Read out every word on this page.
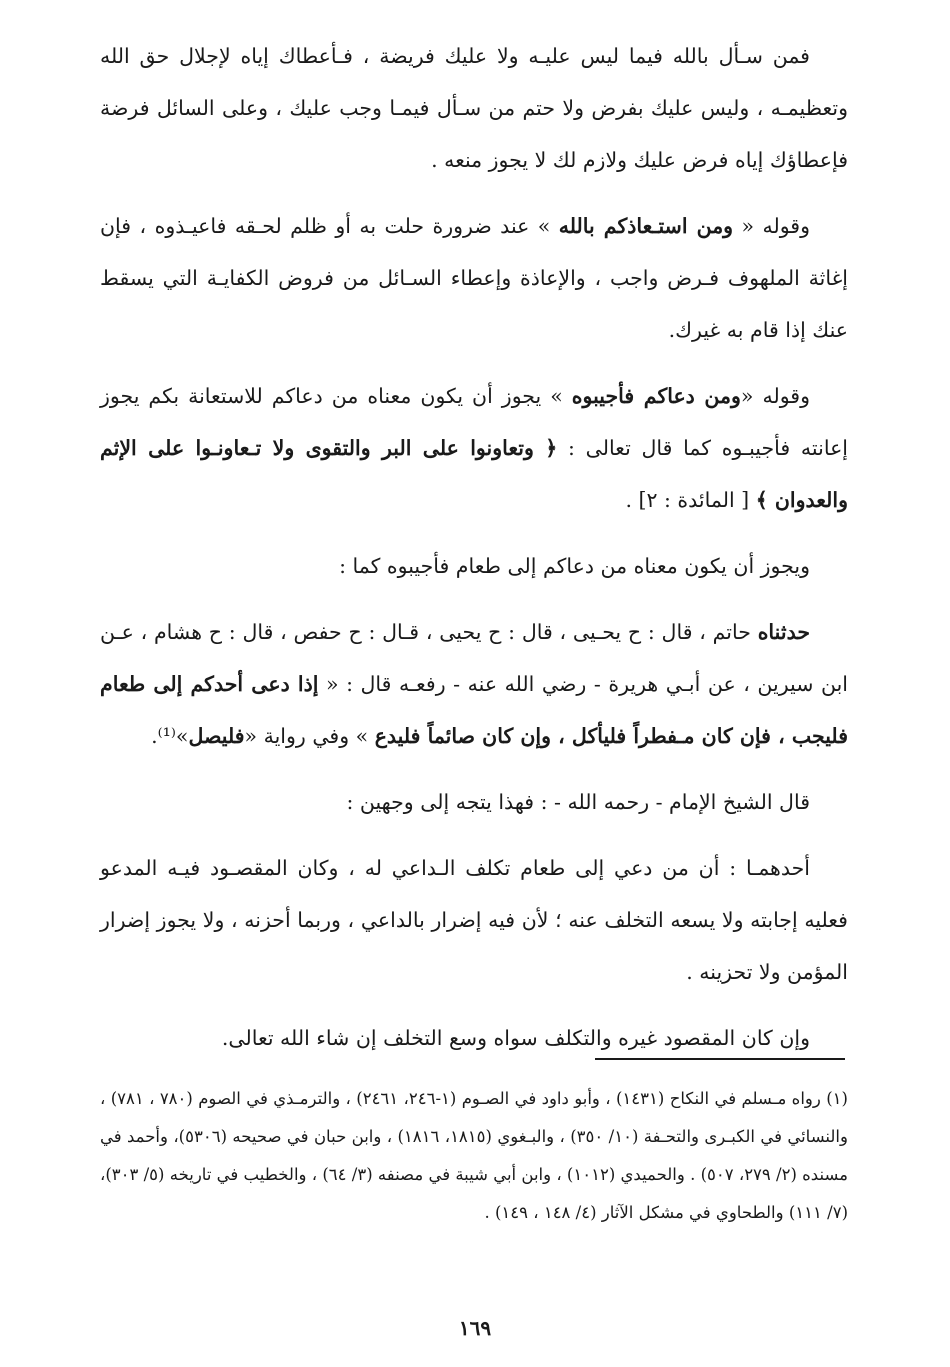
فمن سـأل بالله فيما ليس عليـه ولا عليك فريضة ، فـأعطاك إياه لإجلال حق الله وتعظيمـه ، وليس عليك بفرض ولا حتم من سـأل فيمـا وجب عليك ، وعلى السائل فرضة فإعطاؤك إياه فرض عليك ولازم لك لا يجوز منعه .

وقوله « ومن استـعاذكم بالله » عند ضرورة حلت به أو ظلم لحـقه فاعيـذوه ، فإن إغاثة الملهوف فـرض واجب ، والإعاذة وإعطاء السـائل من فروض الكفايـة التي يسقط عنك إذا قام به غيرك.

وقوله «ومن دعاكم فأجيبوه » يجوز أن يكون معناه من دعاكم للاستعانة بكم يجوز إعانته فأجيبـوه كما قال تعالى : ﴿ وتعاونوا على البر والتقوى ولا تـعاونـوا على الإثم والعدوان ﴾ [ المائدة : ٢] .

ويجوز أن يكون معناه من دعاكم إلى طعام فأجيبوه كما :

حدثناه حاتم ، قال : ح يحـيى ، قال : ح يحيى ، قـال : ح حفص ، قال : ح هشام ، عـن ابن سيرين ، عن أبـي هريرة - رضي الله عنه - رفعـه قال : « إذا دعى أحدكم إلى طعام فليجب ، فإن كان مـفطراً فليأكل ، وإن كان صائماً فليدع » وفي رواية «فليصل»⁽¹⁾.

قال الشيخ الإمام - رحمه الله - : فهذا يتجه إلى وجهين :

أحدهمـا : أن من دعي إلى طعام تكلف الـداعي له ، وكان المقصـود فيـه المدعو فعليه إجابته ولا يسعه التخلف عنه ؛ لأن فيه إضرار بالداعي ، وربما أحزنه ، ولا يجوز إضرار المؤمن ولا تحزينه .

وإن كان المقصود غيره والتكلف سواه وسع التخلف إن شاء الله تعالى.

(١) رواه مـسلم في النكاح (١٤٣١) ، وأبو داود في الصـوم (١-٢٤٦، ٢٤٦١) ، والترمـذي في الصوم (٧٨٠ ، ٧٨١) ، والنسائي في الكبـرى والتحـفة (١٠/ ٣٥٠) ، والبـغوي (١٨١٥، ١٨١٦) ، وابن حبان في صحيحه (٥٣٠٦)، وأحمد في مسنده (٢/ ٢٧٩، ٥٠٧) . والحميدي (١٠١٢) ، وابن أبي شيبة في مصنفه (٣/ ٦٤) ، والخطيب في تاريخه (٥/ ٣٠٣)، (٧/ ١١١) والطحاوي في مشكل الآثار (٤/ ١٤٨ ، ١٤٩) .
١٦٩
